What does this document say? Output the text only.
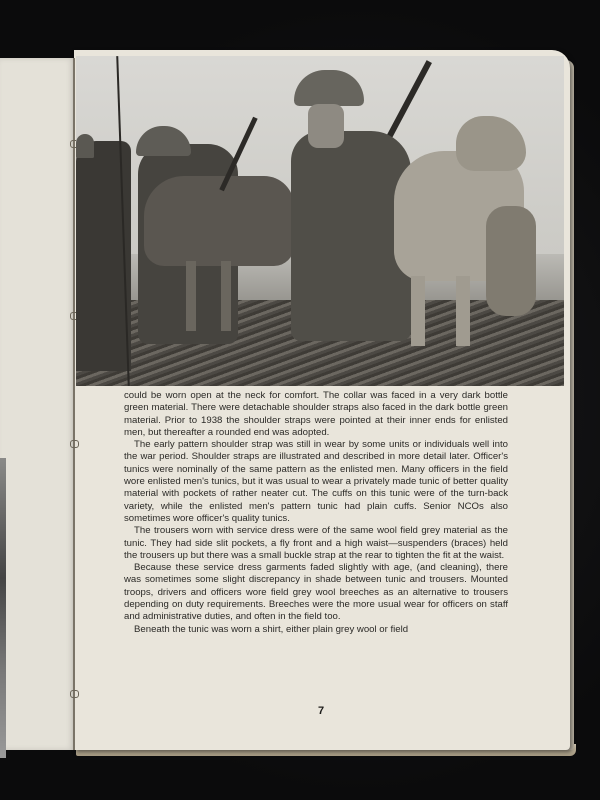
could be worn open at the neck for comfort. The collar was faced in a very dark bottle green material. There were detachable shoulder straps also faced in the dark bottle green material. Prior to 1938 the shoulder straps were pointed at their inner ends for enlisted men, but thereafter a rounded end was adopted.

The early pattern shoulder strap was still in wear by some units or individuals well into the war period. Shoulder straps are illustrated and described in more detail later. Officer's tunics were nominally of the same pattern as the enlisted men. Many officers in the field wore enlisted men's tunics, but it was usual to wear a privately made tunic of better quality material with pockets of rather neater cut. The cuffs on this tunic were of the turn-back variety, while the enlisted men's pattern tunic had plain cuffs. Senior NCOs also sometimes wore officer's quality tunics.

The trousers worn with service dress were of the same wool field grey material as the tunic. They had side slit pockets, a fly front and a high waist—suspenders (braces) held the trousers up but there was a small buckle strap at the rear to tighten the fit at the waist.

Because these service dress garments faded slightly with age, (and cleaning), there was sometimes some slight discrepancy in shade between tunic and trousers. Mounted troops, drivers and officers wore field grey wool breeches as an alternative to trousers depending on duty requirements. Breeches were the more usual wear for officers on staff and administrative duties, and often in the field too.

Beneath the tunic was worn a shirt, either plain grey wool or field

7
